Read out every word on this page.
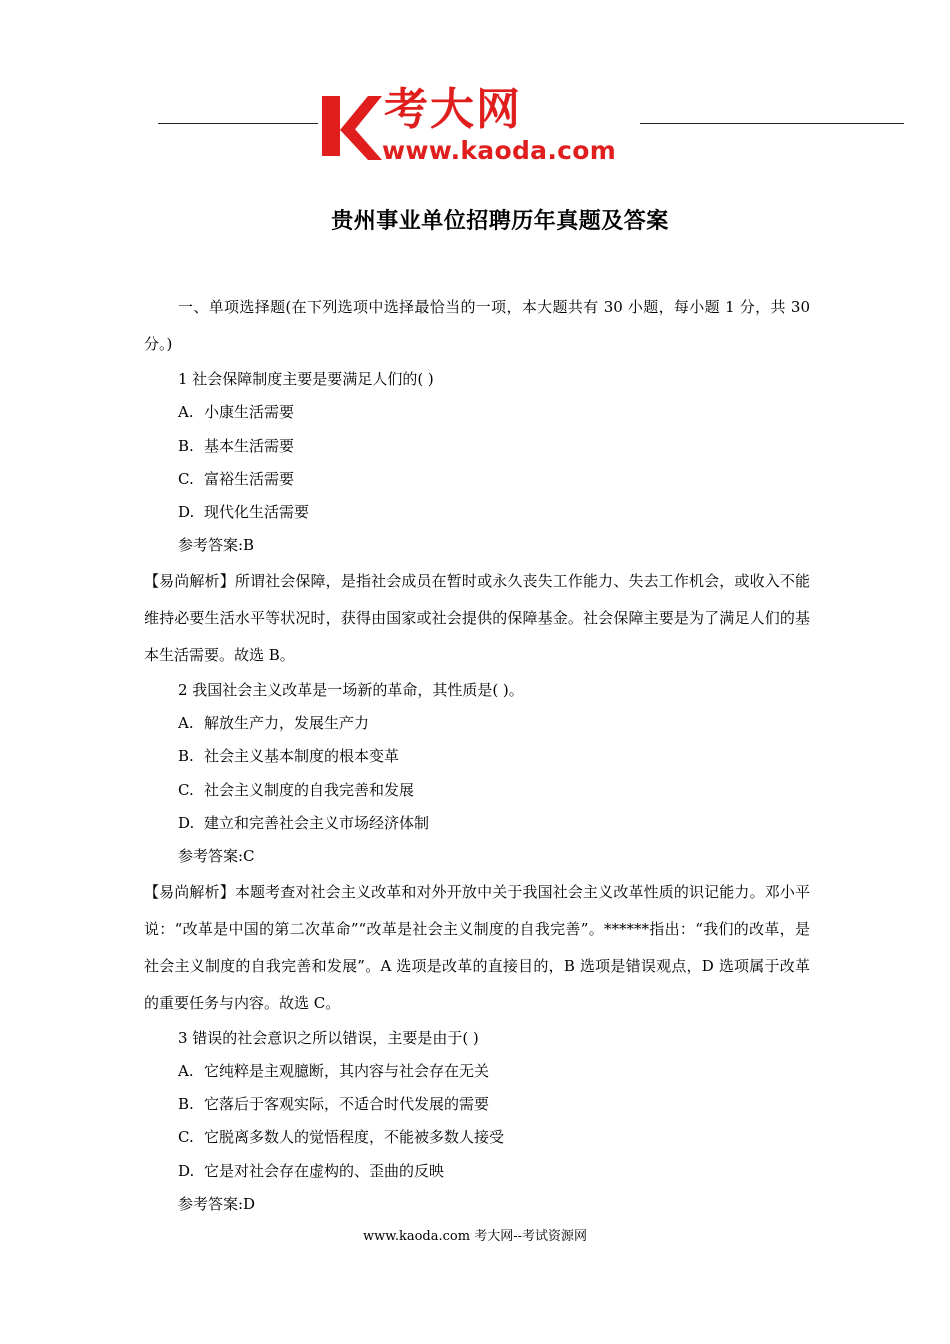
考大网
www.kaoda.com
贵州事业单位招聘历年真题及答案

一、单项选择题(在下列选项中选择最恰当的一项，本大题共有 30 小题，每小题 1 分，共 30 分。)

1 社会保障制度主要是要满足人们的( )

A. 小康生活需要

B. 基本生活需要

C. 富裕生活需要

D. 现代化生活需要

参考答案:B

【易尚解析】所谓社会保障，是指社会成员在暂时或永久丧失工作能力、失去工作机会，或收入不能维持必要生活水平等状况时，获得由国家或社会提供的保障基金。社会保障主要是为了满足人们的基本生活需要。故选 B。

2 我国社会主义改革是一场新的革命，其性质是( )。

A. 解放生产力，发展生产力

B. 社会主义基本制度的根本变革

C. 社会主义制度的自我完善和发展

D. 建立和完善社会主义市场经济体制

参考答案:C

【易尚解析】本题考查对社会主义改革和对外开放中关于我国社会主义改革性质的识记能力。邓小平说：“改革是中国的第二次革命”“改革是社会主义制度的自我完善”。******指出：“我们的改革，是社会主义制度的自我完善和发展”。A 选项是改革的直接目的，B 选项是错误观点，D 选项属于改革的重要任务与内容。故选 C。

3 错误的社会意识之所以错误，主要是由于( )

A. 它纯粹是主观臆断，其内容与社会存在无关

B. 它落后于客观实际，不适合时代发展的需要

C. 它脱离多数人的觉悟程度，不能被多数人接受

D. 它是对社会存在虚构的、歪曲的反映

参考答案:D

www.kaoda.com 考大网--考试资源网
